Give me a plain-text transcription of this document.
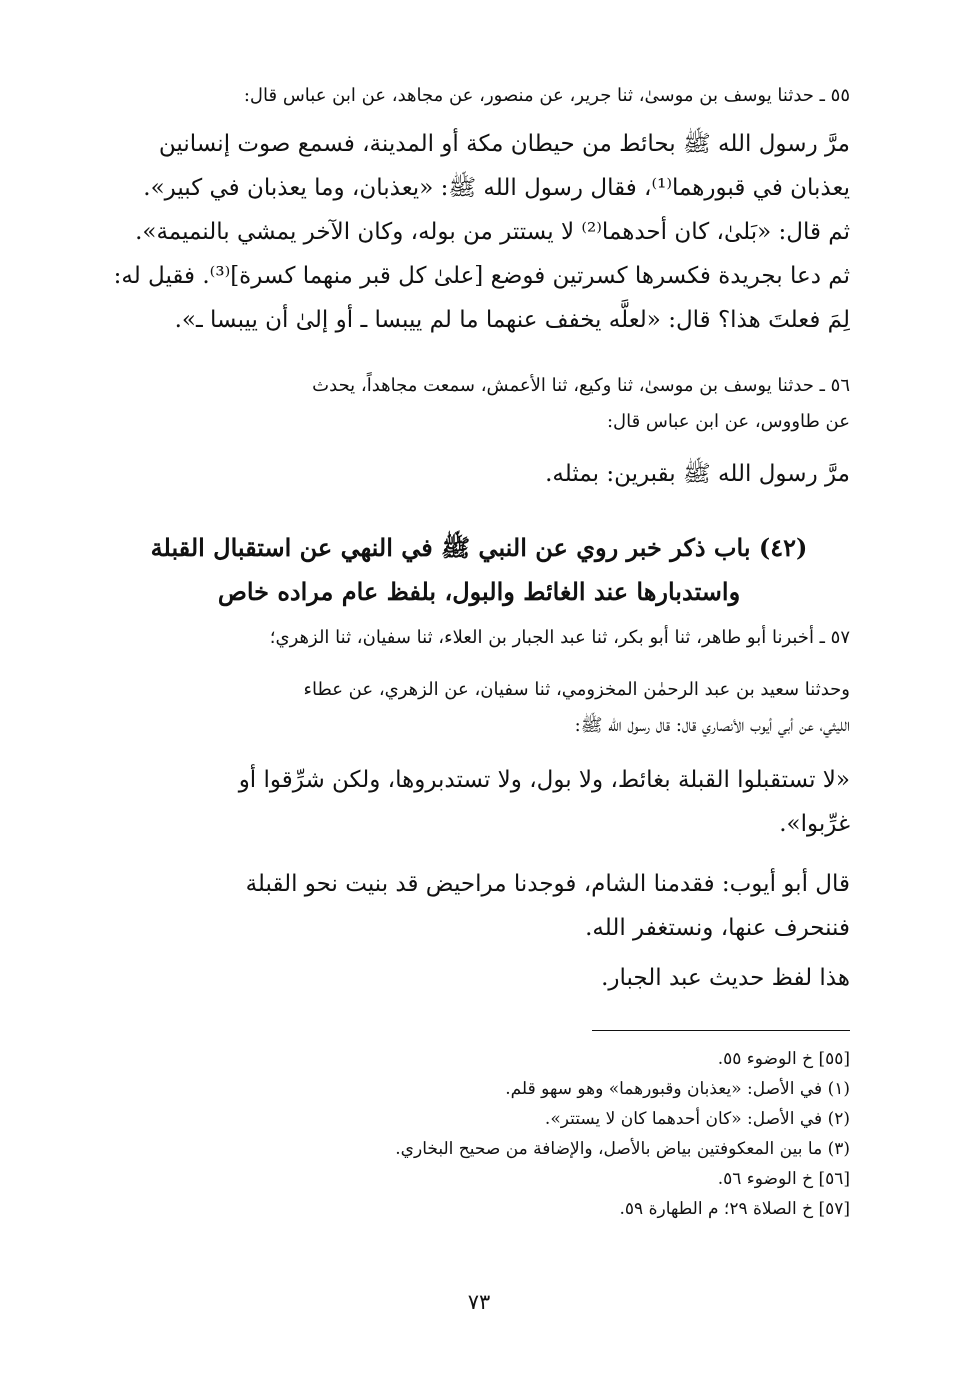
٥٥ ـ حدثنا يوسف بن موسىٰ، ثنا جرير، عن منصور، عن مجاهد، عن ابن عباس قال:
مرَّ رسول الله ﷺ بحائط من حيطان مكة أو المدينة، فسمع صوت إنسانين
يعذبان في قبورهما⁽¹⁾، فقال رسول الله ﷺ: «يعذبان، وما يعذبان في كبير».
ثم قال: «بَلىٰ، كان أحدهما⁽²⁾ لا يستتر من بوله، وكان الآخر يمشي بالنميمة».
ثم دعا بجريدة فكسرها كسرتين فوضع [علىٰ كل قبر منهما كسرة]⁽³⁾. فقيل له:
لِمَ فعلتَ هذا؟ قال: «لعلَّه يخفف عنهما ما لم ييبسا ـ أو إلىٰ أن ييبسا ـ».
٥٦ ـ حدثنا يوسف بن موسىٰ، ثنا وكيع، ثنا الأعمش، سمعت مجاهداً، يحدث
عن طاووس، عن ابن عباس قال:
مرَّ رسول الله ﷺ بقبرين: بمثله.
(٤٢) باب ذكر خبر روي عن النبي ﷺ في النهي عن استقبال القبلة
واستدبارها عند الغائط والبول، بلفظ عام مراده خاص
٥٧ ـ أخبرنا أبو طاهر، ثنا أبو بكر، ثنا عبد الجبار بن العلاء، ثنا سفيان، ثنا الزهري؛
وحدثنا سعيد بن عبد الرحمٰن المخزومي، ثنا سفيان، عن الزهري، عن عطاء
الليثي، عن أبي أيوب الأنصاري قال: قال رسول الله ﷺ:
«لا تستقبلوا القبلة بغائط، ولا بول، ولا تستدبروها، ولكن شرِّقوا أو
غرِّبوا».
قال أبو أيوب: فقدمنا الشام، فوجدنا مراحيض قد بنيت نحو القبلة
فننحرف عنها، ونستغفر الله.
هذا لفظ حديث عبد الجبار.
[٥٥] خ الوضوء ٥٥.
(١) في الأصل: «يعذبان وقبورهما» وهو سهو قلم.
(٢) في الأصل: «كان أحدهما كان لا يستتر».
(٣) ما بين المعكوفتين بياض بالأصل، والإضافة من صحيح البخاري.
[٥٦] خ الوضوء ٥٦.
[٥٧] خ الصلاة ٢٩؛ م الطهارة ٥٩.
٧٣
